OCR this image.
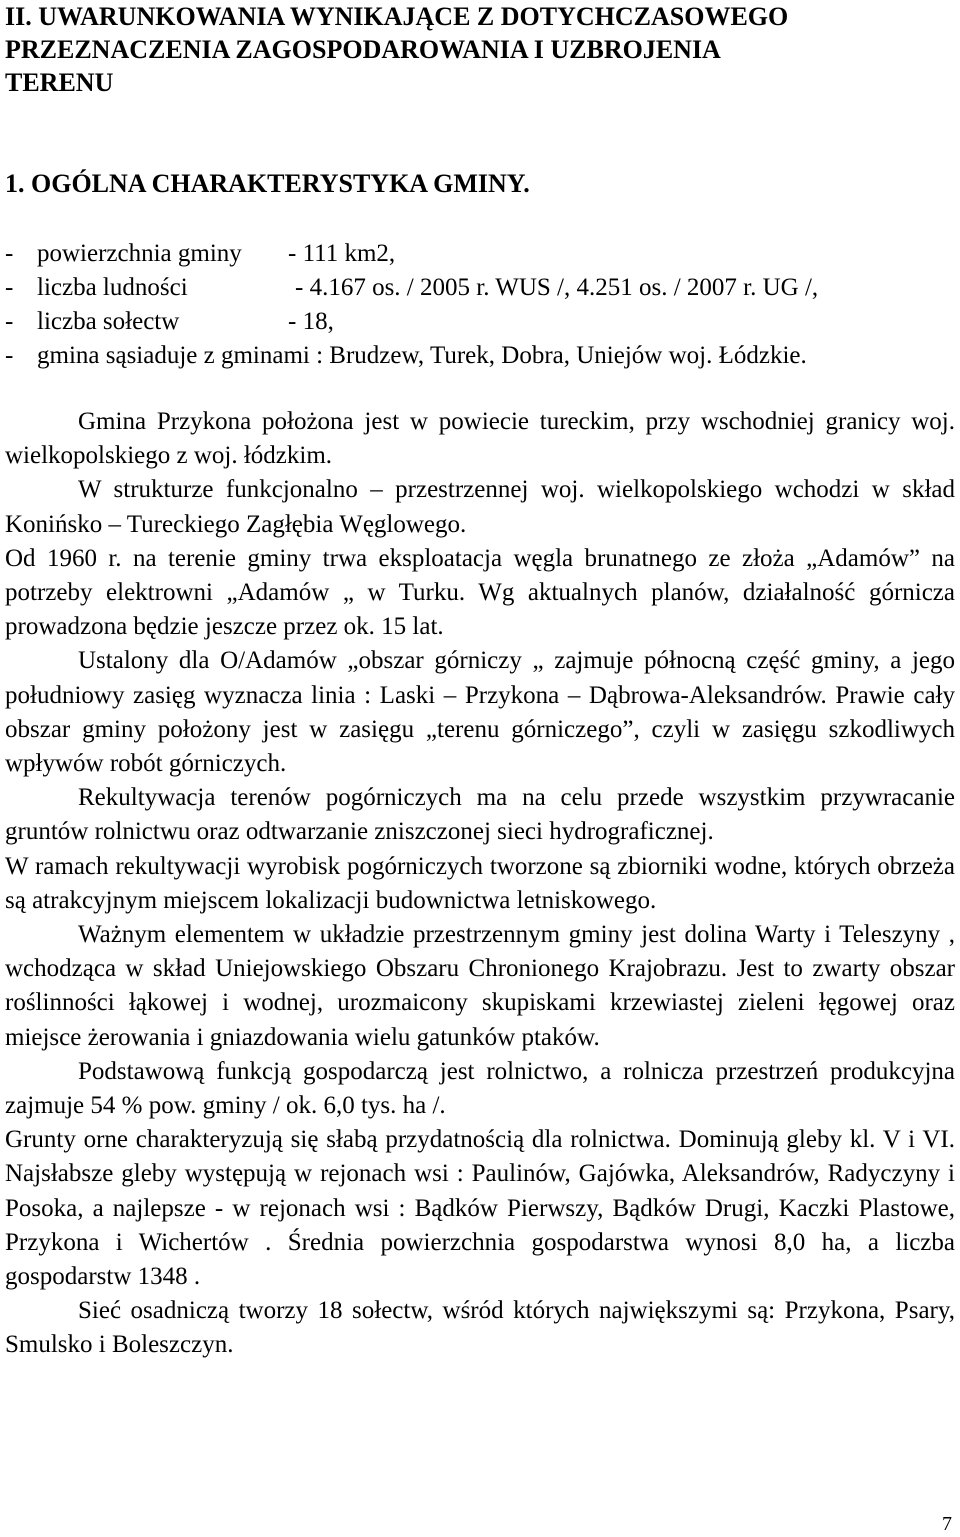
II. UWARUNKOWANIA WYNIKAJĄCE Z DOTYCHCZASOWEGO
PRZEZNACZENIA ZAGOSPODAROWANIA I UZBROJENIA
TERENU
1. OGÓLNA CHARAKTERYSTYKA GMINY.
- powierzchnia gminy - 111 km2,
- liczba ludności	- 4.167 os. / 2005 r. WUS /, 4.251 os. / 2007 r. UG /,
- liczba sołectw	- 18,
- gmina sąsiaduje z gminami : Brudzew, Turek, Dobra, Uniejów woj. Łódzkie.

Gmina Przykona położona jest w powiecie tureckim, przy wschodniej granicy woj. wielkopolskiego z woj. łódzkim.

W strukturze funkcjonalno – przestrzennej woj. wielkopolskiego wchodzi w skład Konińsko – Tureckiego Zagłębia Węglowego.

Od 1960 r. na terenie gminy trwa eksploatacja węgla brunatnego ze złoża „Adamów” na potrzeby elektrowni „Adamów „ w Turku. Wg aktualnych planów, działalność górnicza prowadzona będzie jeszcze przez ok. 15 lat.

Ustalony dla O/Adamów „obszar górniczy „ zajmuje północną część gminy, a jego południowy zasięg wyznacza linia : Laski – Przykona – Dąbrowa-Aleksandrów. Prawie cały obszar gminy położony jest w zasięgu „terenu górniczego”, czyli w zasięgu szkodliwych wpływów robót górniczych.

Rekultywacja terenów pogórniczych ma na celu przede wszystkim przywracanie gruntów rolnictwu oraz odtwarzanie zniszczonej sieci hydrograficznej.

W ramach rekultywacji wyrobisk pogórniczych tworzone są zbiorniki wodne, których obrzeża są atrakcyjnym miejscem lokalizacji budownictwa letniskowego.

Ważnym elementem w układzie przestrzennym gminy jest dolina Warty i Teleszyny , wchodząca w skład Uniejowskiego Obszaru Chronionego Krajobrazu. Jest to zwarty obszar roślinności łąkowej i wodnej, urozmaicony skupiskami krzewiastej zieleni łęgowej oraz miejsce żerowania i gniazdowania wielu gatunków ptaków.

Podstawową funkcją gospodarczą jest rolnictwo, a rolnicza przestrzeń produkcyjna zajmuje 54 % pow. gminy / ok. 6,0 tys. ha /.

Grunty orne charakteryzują się słabą przydatnością dla rolnictwa. Dominują gleby kl. V i VI. Najsłabsze gleby występują w rejonach wsi : Paulinów, Gajówka, Aleksandrów, Radyczyny i Posoka, a najlepsze - w rejonach wsi : Bądków Pierwszy, Bądków Drugi, Kaczki Plastowe, Przykona i Wichertów . Średnia powierzchnia gospodarstwa wynosi 8,0 ha, a liczba gospodarstw 1348 .

Sieć osadniczą tworzy 18 sołectw, wśród których największymi są: Przykona, Psary, Smulsko i Boleszczyn.

7
